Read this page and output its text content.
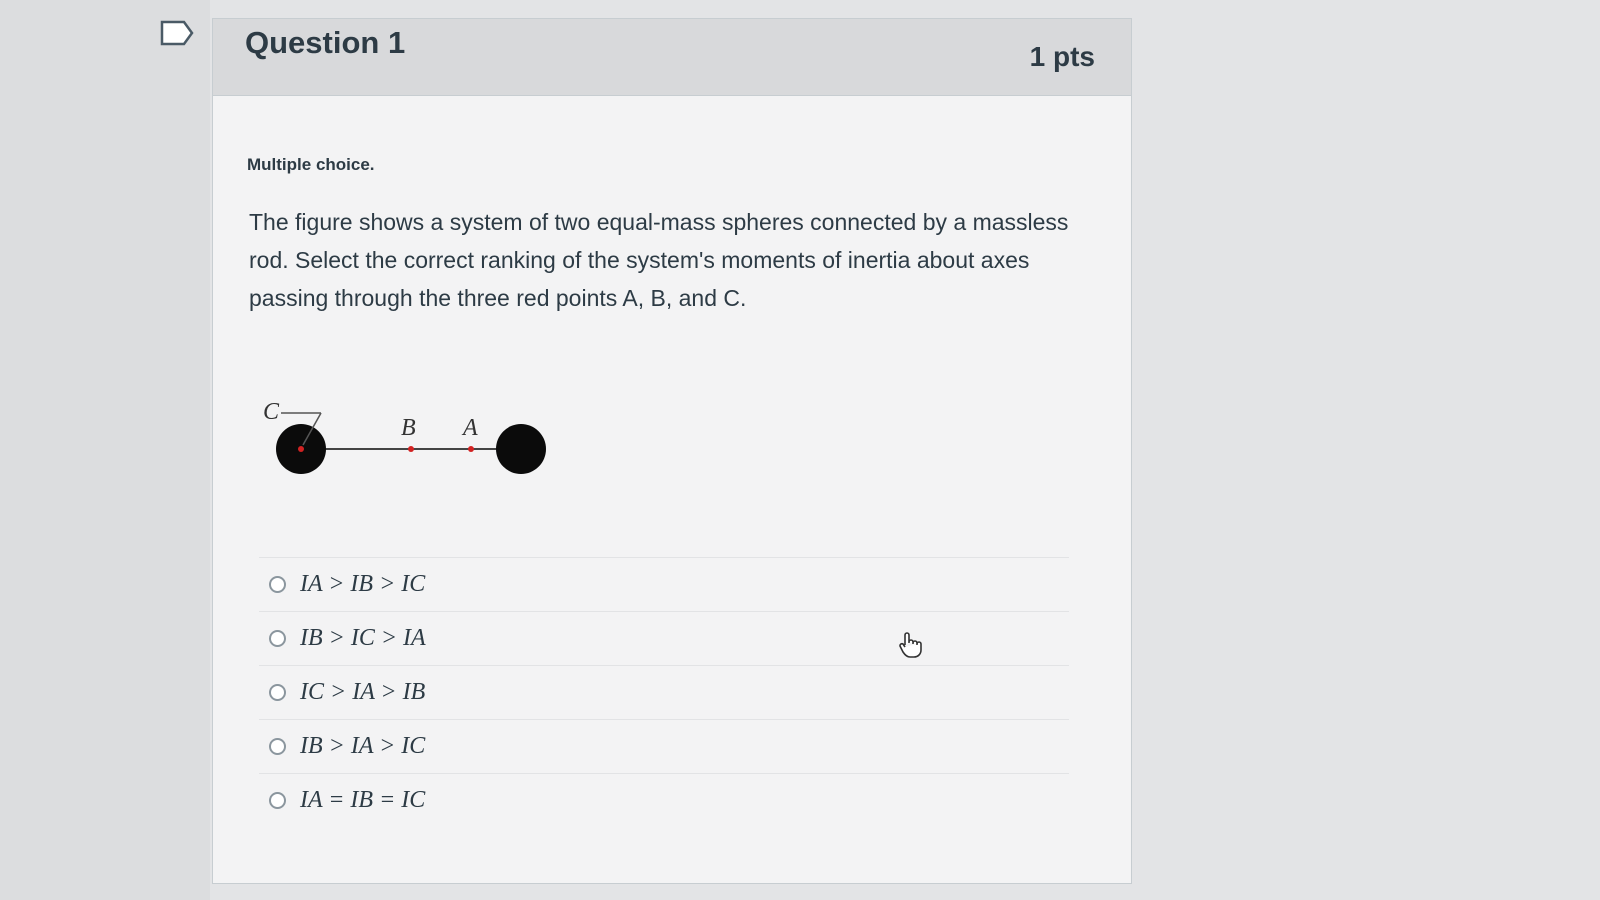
Question 1	1 pts
Multiple choice.
The figure shows a system of two equal-mass spheres connected by a massless rod. Select the correct ranking of the system's moments of inertia about axes passing through the three red points A, B, and C.
C
B A
IA > IB > IC
IB > IC > IA
IC > IA > IB
IB > IA > IC
IA = IB = IC
